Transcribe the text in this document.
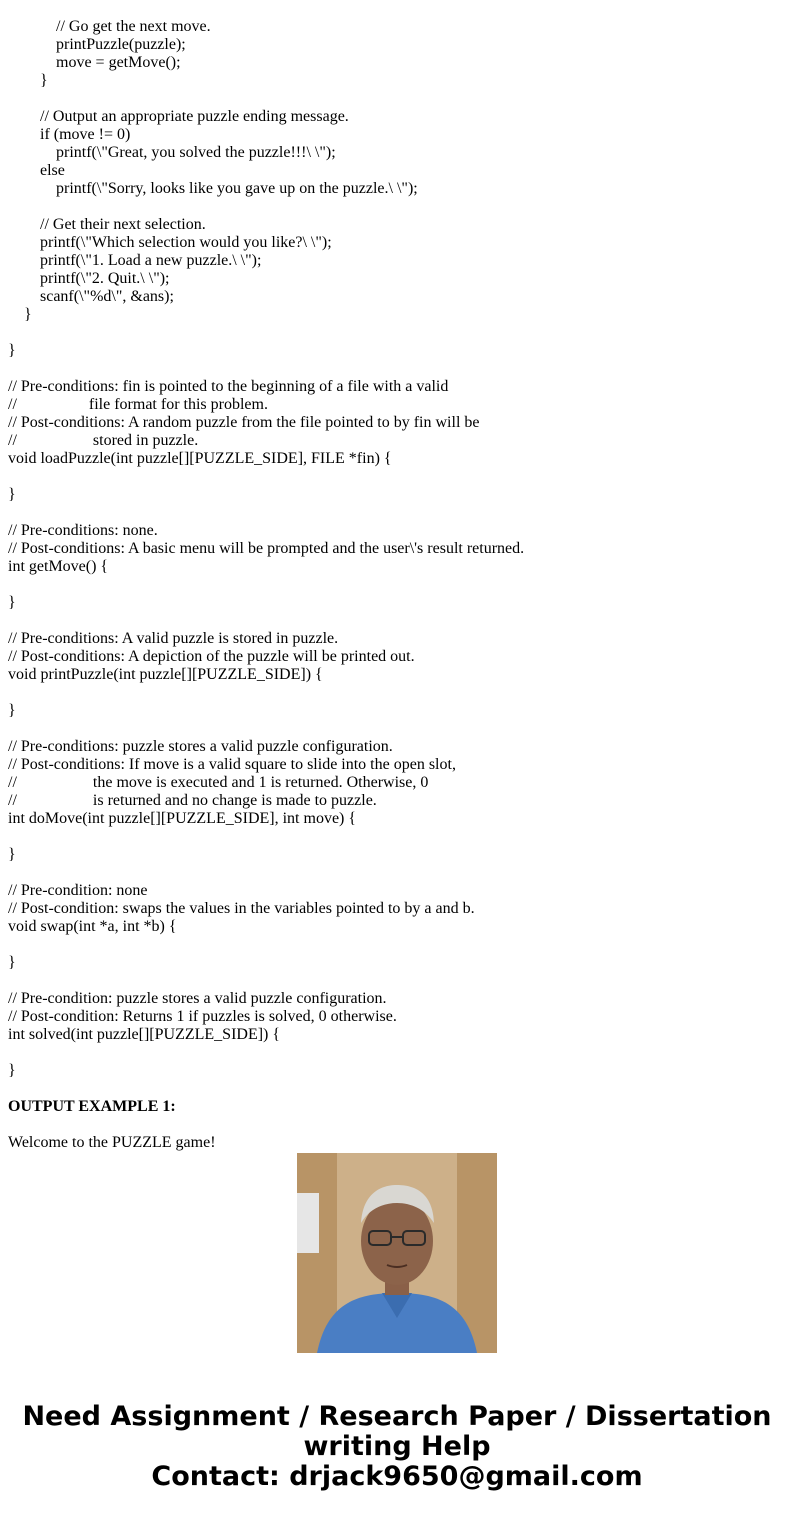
// Go get the next move.
printPuzzle(puzzle);
move = getMove();
}
// Output an appropriate puzzle ending message.
if (move != 0)
printf(\"Great, you solved the puzzle!!!\ \");
else
printf(\"Sorry, looks like you gave up on the puzzle.\ \");
// Get their next selection.
printf(\"Which selection would you like?\ \");
printf(\"1. Load a new puzzle.\ \");
printf(\"2. Quit.\ \");
scanf(\"%d\", &ans);
}
}
// Pre-conditions: fin is pointed to the beginning of a file with a valid
//                  file format for this problem.
// Post-conditions: A random puzzle from the file pointed to by fin will be
//                   stored in puzzle.
void loadPuzzle(int puzzle[][PUZZLE_SIDE], FILE *fin) {
}
// Pre-conditions: none.
// Post-conditions: A basic menu will be prompted and the user\'s result returned.
int getMove() {
}
// Pre-conditions: A valid puzzle is stored in puzzle.
// Post-conditions: A depiction of the puzzle will be printed out.
void printPuzzle(int puzzle[][PUZZLE_SIDE]) {
}
// Pre-conditions: puzzle stores a valid puzzle configuration.
// Post-conditions: If move is a valid square to slide into the open slot,
//                   the move is executed and 1 is returned. Otherwise, 0
//                   is returned and no change is made to puzzle.
int doMove(int puzzle[][PUZZLE_SIDE], int move) {
}
// Pre-condition: none
// Post-condition: swaps the values in the variables pointed to by a and b.
void swap(int *a, int *b) {
}
// Pre-condition: puzzle stores a valid puzzle configuration.
// Post-condition: Returns 1 if puzzles is solved, 0 otherwise.
int solved(int puzzle[][PUZZLE_SIDE]) {
}
OUTPUT EXAMPLE 1:
Welcome to the PUZZLE game!
Need Assignment / Research Paper / Dissertation
writing Help
Contact: drjack9650@gmail.com
